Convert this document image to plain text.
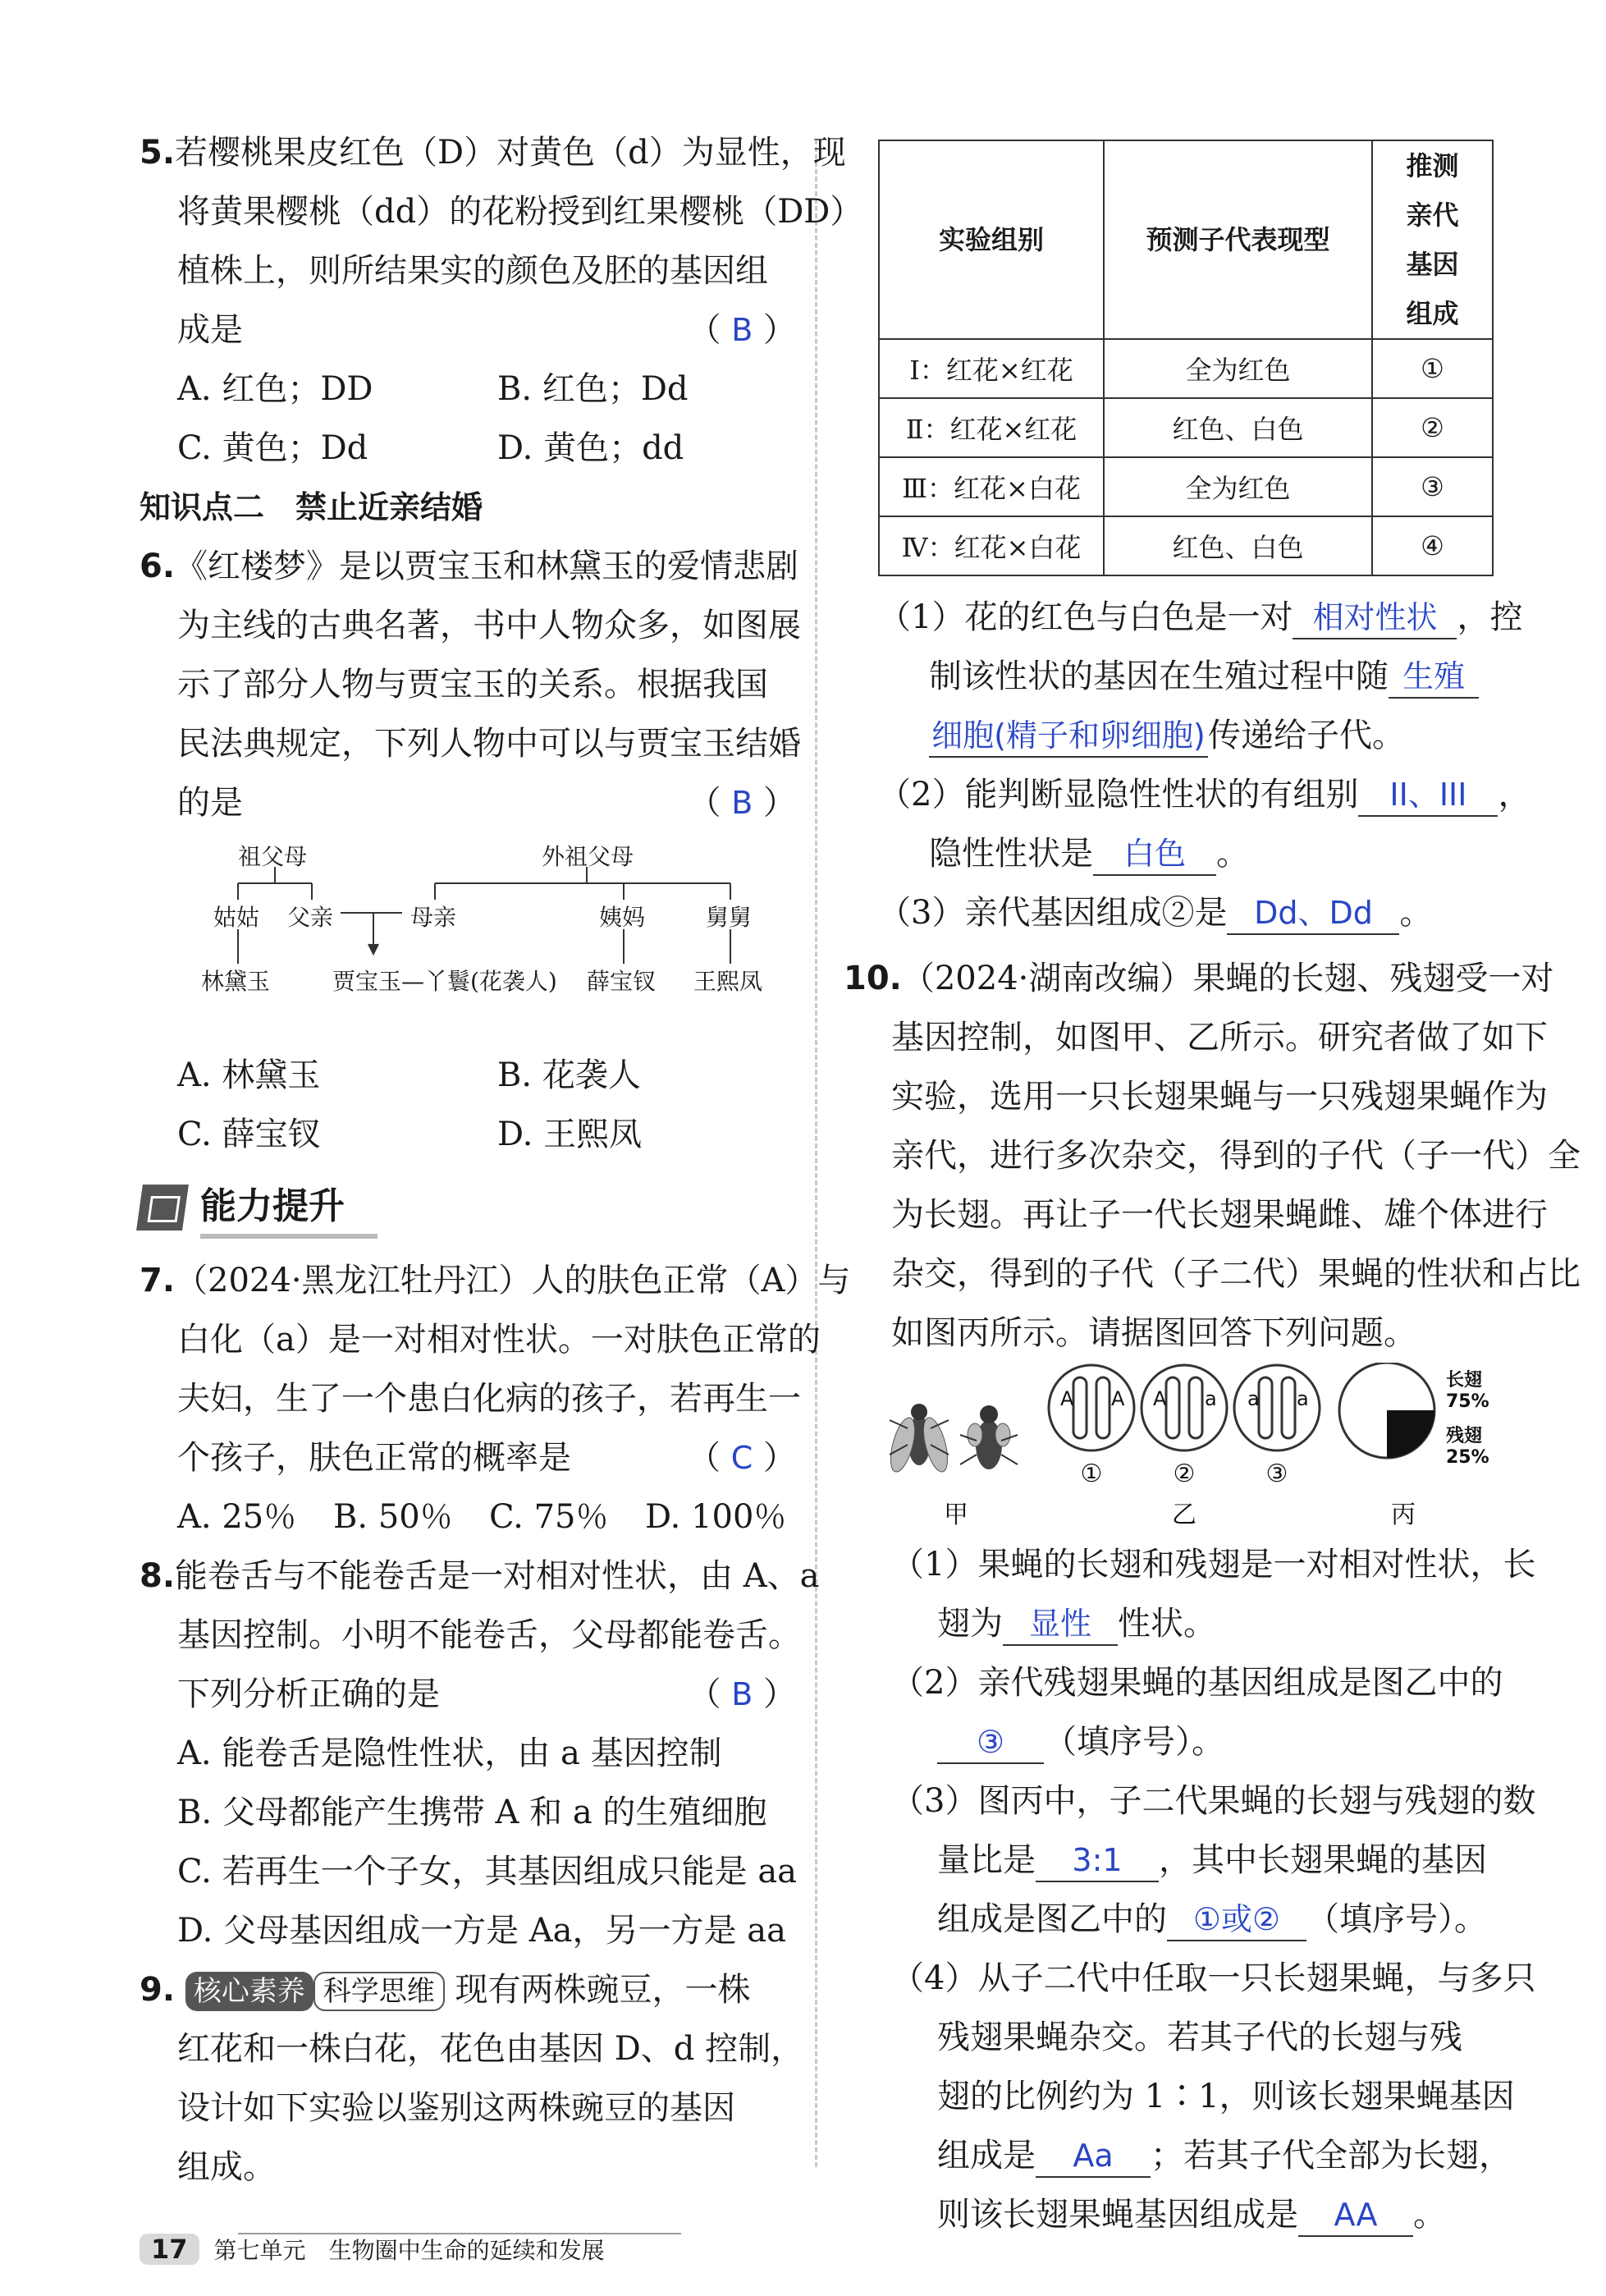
5.若樱桃果皮红色（D）对黄色（d）为显性，现
将黄果樱桃（dd）的花粉授到红果樱桃（DD）
植株上，则所结果实的颜色及胚的基因组
成是	（ B ）
A. 红色；DD	B. 红色；Dd
C. 黄色；Dd	D. 黄色；dd
知识点二　禁止近亲结婚
6.《红楼梦》是以贾宝玉和林黛玉的爱情悲剧
为主线的古典名著，书中人物众多，如图展
示了部分人物与贾宝玉的关系。根据我国
民法典规定，下列人物中可以与贾宝玉结婚
的是	（ B ）
祖父母	外祖父母
姑姑 父亲	母亲	姨妈	舅舅
林黛玉	贾宝玉—丫鬟(花袭人) 薛宝钗 王熙凤
A. 林黛玉	B. 花袭人
C. 薛宝钗	D. 王熙凤
能力提升
7.（2024·黑龙江牡丹江）人的肤色正常（A）与
白化（a）是一对相对性状。一对肤色正常的
夫妇，生了一个患白化病的孩子，若再生一
个孩子，肤色正常的概率是	（ C ）
A. 25％ B. 50％ C. 75％ D. 100％
8.能卷舌与不能卷舌是一对相对性状，由 A、a
基因控制。小明不能卷舌，父母都能卷舌。
下列分析正确的是	（ B ）
A. 能卷舌是隐性性状，由 a 基因控制
B. 父母都能产生携带 A 和 a 的生殖细胞
C. 若再生一个子女，其基因组成只能是 aa
D. 父母基因组成一方是 Aa，另一方是 aa
9. 核心素养 科学思维 现有两株豌豆，一株
红花和一株白花，花色由基因 D、d 控制，
设计如下实验以鉴别这两株豌豆的基因
组成。
实验组别	预测子代表现型	推测亲代基因组成
Ⅰ：红花×红花	全为红色	①
Ⅱ：红花×红花	红色、白色	②
Ⅲ：红花×白花	全为红色	③
Ⅳ：红花×白花	红色、白色	④
（1）花的红色与白色是一对 相对性状 ，控
制该性状的基因在生殖过程中随 生殖
细胞(精子和卵细胞)传递给子代。
（2）能判断显隐性性状的有组别 II、III ，
隐性性状是 白色 。
（3）亲代基因组成②是 Dd、Dd 。
10.（2024·湖南改编）果蝇的长翅、残翅受一对
基因控制，如图甲、乙所示。研究者做了如下
实验，选用一只长翅果蝇与一只残翅果蝇作为
亲代，进行多次杂交，得到的子代（子一代）全
为长翅。再让子一代长翅果蝇雌、雄个体进行
杂交，得到的子代（子二代）果蝇的性状和占比
如图丙所示。请据图回答下列问题。
A A A a a a
①	②	③
长翅
75%
残翅
25%
甲	乙	丙
（1）果蝇的长翅和残翅是一对相对性状，长
翅为 显性 性状。
（2）亲代残翅果蝇的基因组成是图乙中的
③ （填序号）。
（3）图丙中，子二代果蝇的长翅与残翅的数
量比是 3:1 ，其中长翅果蝇的基因
组成是图乙中的 ①或② （填序号）。
（4）从子二代中任取一只长翅果蝇，与多只
残翅果蝇杂交。若其子代的长翅与残
翅的比例约为 1∶1，则该长翅果蝇基因
组成是 Aa ；若其子代全部为长翅，
则该长翅果蝇基因组成是 AA 。
17 第七单元　 生物圈中生命的延续和发展
